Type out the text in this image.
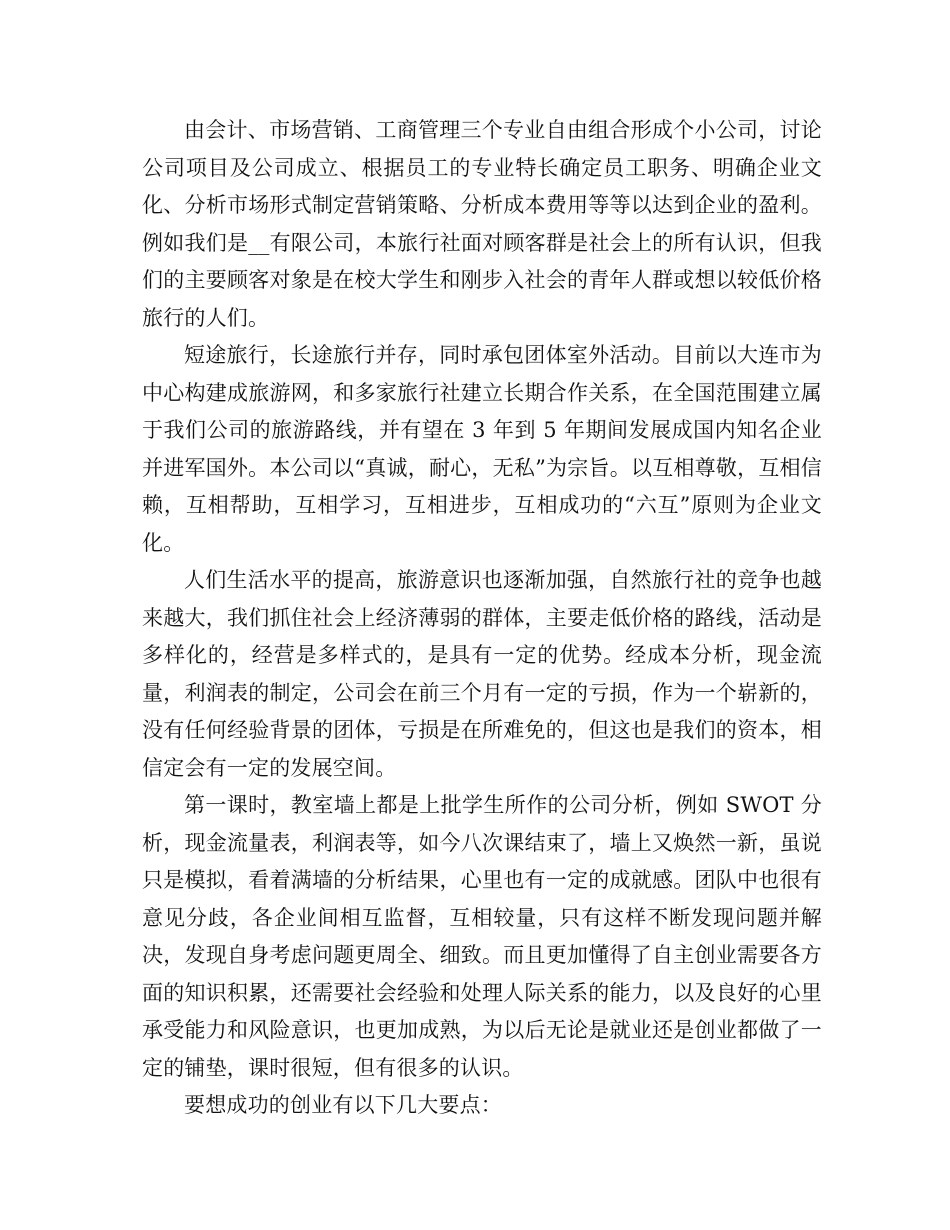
由会计、市场营销、工商管理三个专业自由组合形成个小公司，讨论公司项目及公司成立、根据员工的专业特长确定员工职务、明确企业文化、分析市场形式制定营销策略、分析成本费用等等以达到企业的盈利。例如我们是__有限公司，本旅行社面对顾客群是社会上的所有认识，但我们的主要顾客对象是在校大学生和刚步入社会的青年人群或想以较低价格旅行的人们。

短途旅行，长途旅行并存，同时承包团体室外活动。目前以大连市为中心构建成旅游网，和多家旅行社建立长期合作关系，在全国范围建立属于我们公司的旅游路线，并有望在 3 年到 5 年期间发展成国内知名企业并进军国外。本公司以“真诚，耐心，无私”为宗旨。以互相尊敬，互相信赖，互相帮助，互相学习，互相进步，互相成功的“六互”原则为企业文化。

人们生活水平的提高，旅游意识也逐渐加强，自然旅行社的竞争也越来越大，我们抓住社会上经济薄弱的群体，主要走低价格的路线，活动是多样化的，经营是多样式的，是具有一定的优势。经成本分析，现金流量，利润表的制定，公司会在前三个月有一定的亏损，作为一个崭新的，没有任何经验背景的团体，亏损是在所难免的，但这也是我们的资本，相信定会有一定的发展空间。

第一课时，教室墙上都是上批学生所作的公司分析，例如 SWOT 分析，现金流量表，利润表等，如今八次课结束了，墙上又焕然一新，虽说只是模拟，看着满墙的分析结果，心里也有一定的成就感。团队中也很有意见分歧，各企业间相互监督，互相较量，只有这样不断发现问题并解决，发现自身考虑问题更周全、细致。而且更加懂得了自主创业需要各方面的知识积累，还需要社会经验和处理人际关系的能力，以及良好的心里承受能力和风险意识，也更加成熟，为以后无论是就业还是创业都做了一定的铺垫，课时很短，但有很多的认识。

要想成功的创业有以下几大要点：
